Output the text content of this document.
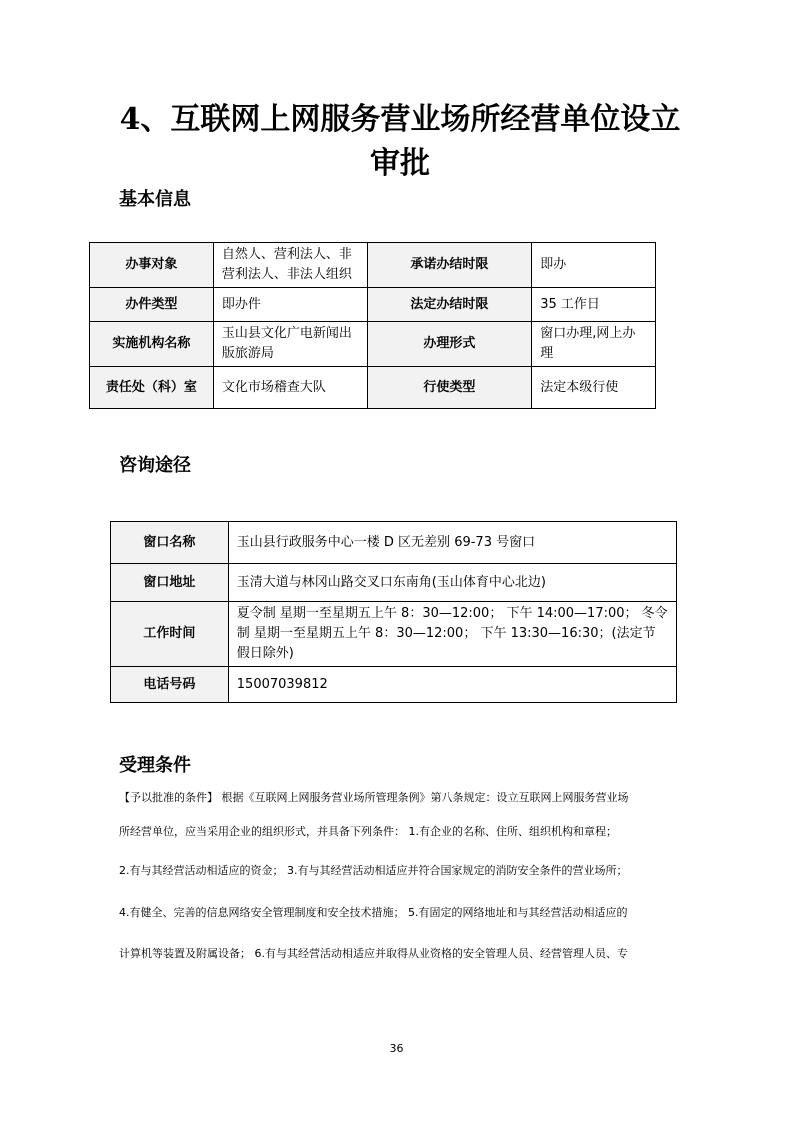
4、互联网上网服务营业场所经营单位设立
审批
基本信息
办事对象	自然人、营利法人、非营利法人、非法人组织	承诺办结时限	即办
办件类型	即办件	法定办结时限	35 工作日
实施机构名称	玉山县文化广电新闻出版旅游局	办理形式	窗口办理,网上办理
责任处（科）室	文化市场稽查大队	行使类型	法定本级行使
咨询途径
窗口名称	玉山县行政服务中心一楼 D 区无差别 69-73 号窗口
窗口地址	玉清大道与林冈山路交叉口东南角(玉山体育中心北边)
工作时间	夏令制 星期一至星期五上午 8：30—12:00； 下午 14:00—17:00； 冬令制 星期一至星期五上午 8：30—12:00； 下午 13:30—16:30；(法定节假日除外)
电话号码	15007039812
受理条件
【予以批准的条件】 根据《互联网上网服务营业场所管理条例》第八条规定：设立互联网上网服务营业场
所经营单位，应当采用企业的组织形式，并具备下列条件： 1.有企业的名称、住所、组织机构和章程；
2.有与其经营活动相适应的资金； 3.有与其经营活动相适应并符合国家规定的消防安全条件的营业场所；
4.有健全、完善的信息网络安全管理制度和安全技术措施； 5.有固定的网络地址和与其经营活动相适应的
计算机等装置及附属设备； 6.有与其经营活动相适应并取得从业资格的安全管理人员、经营管理人员、专
36
